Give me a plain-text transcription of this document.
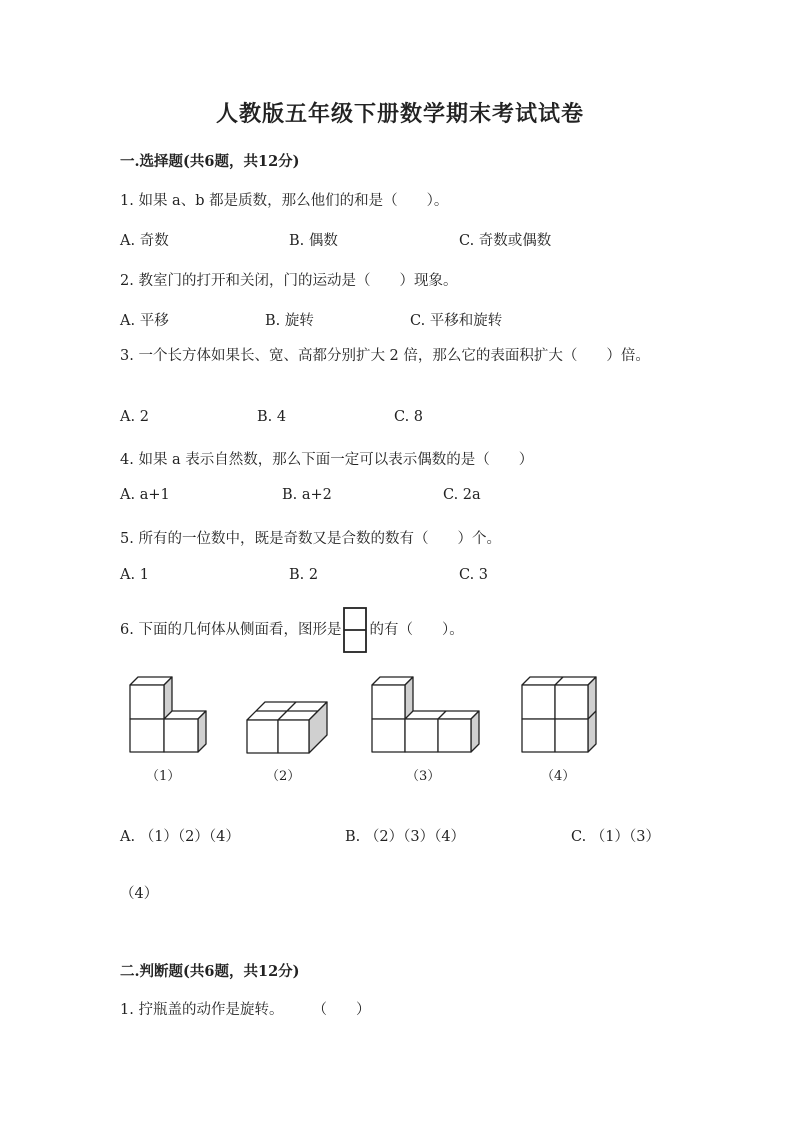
人教版五年级下册数学期末考试试卷
一.选择题(共6题，共12分)
1. 如果 a、b 都是质数，那么他们的和是（　　）。
A. 奇数	B. 偶数	C. 奇数或偶数
2. 教室门的打开和关闭，门的运动是（　　）现象。
A. 平移	B. 旋转	C. 平移和旋转
3. 一个长方体如果长、宽、高都分别扩大 2 倍，那么它的表面积扩大（　　）倍。
A. 2	B. 4	C. 8
4. 如果 a 表示自然数，那么下面一定可以表示偶数的是（　　）
A. a+1	B. a+2	C. 2a
5. 所有的一位数中，既是奇数又是合数的数有（　　）个。
A. 1	B. 2	C. 3
6. 下面的几何体从侧面看，图形是 的有（　　）。
（1）	（2）	（3）	（4）
A. （1）（2）（4）	B. （2）（3）（4）	C. （1）（3）
（4）
二.判断题(共6题，共12分)
1. 拧瓶盖的动作是旋转。　　　（　　）
